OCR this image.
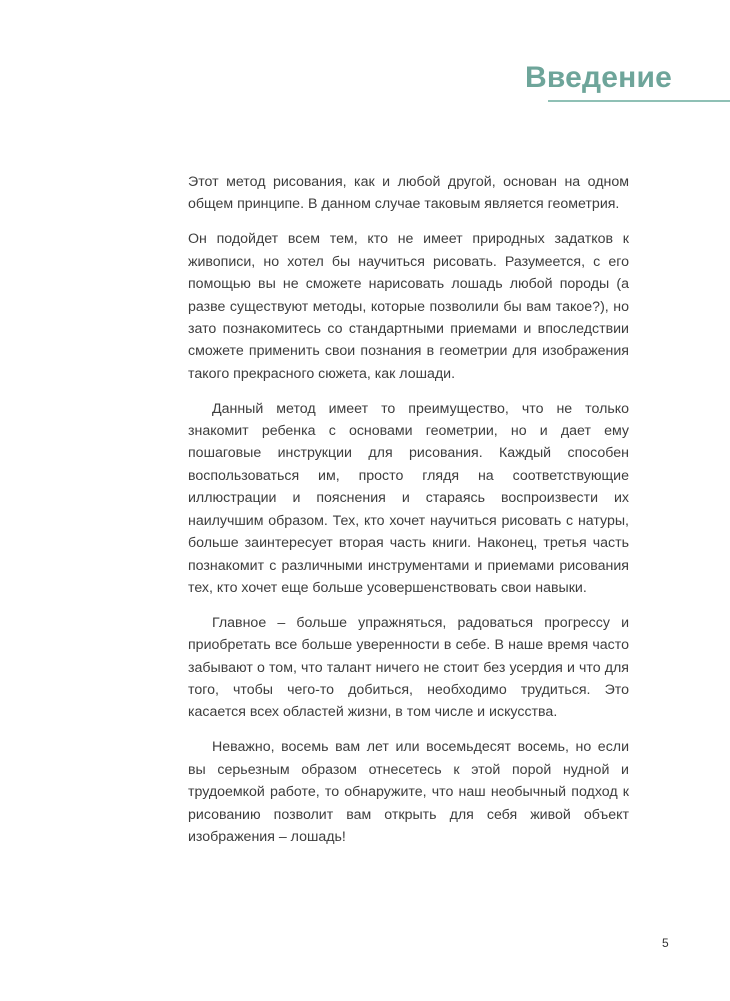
Введение

Этот метод рисования, как и любой другой, основан на одном общем принципе. В данном случае таковым является геометрия.

Он подойдет всем тем, кто не имеет природных задатков к живописи, но хотел бы научиться рисовать. Разумеется, с его помощью вы не сможете нарисовать лошадь любой породы (а разве существуют методы, которые позволили бы вам такое?), но зато познакомитесь со стандартными приемами и впоследствии сможете применить свои познания в геометрии для изображения такого прекрасного сюжета, как лошади.

Данный метод имеет то преимущество, что не только знакомит ребенка с основами геометрии, но и дает ему пошаговые инструкции для рисования. Каждый способен воспользоваться им, просто глядя на соответствующие иллюстрации и пояснения и стараясь воспроизвести их наилучшим образом. Тех, кто хочет научиться рисовать с натуры, больше заинтересует вторая часть книги. Наконец, третья часть познакомит с различными инструментами и приемами рисования тех, кто хочет еще больше усовершенствовать свои навыки.

Главное – больше упражняться, радоваться прогрессу и приобретать все больше уверенности в себе. В наше время часто забывают о том, что талант ничего не стоит без усердия и что для того, чтобы чего-то добиться, необходимо трудиться. Это касается всех областей жизни, в том числе и искусства.

Неважно, восемь вам лет или восемьдесят восемь, но если вы серьезным образом отнесетесь к этой порой нудной и трудоемкой работе, то обнаружите, что наш необычный подход к рисованию позволит вам открыть для себя живой объект изображения – лошадь!

5
